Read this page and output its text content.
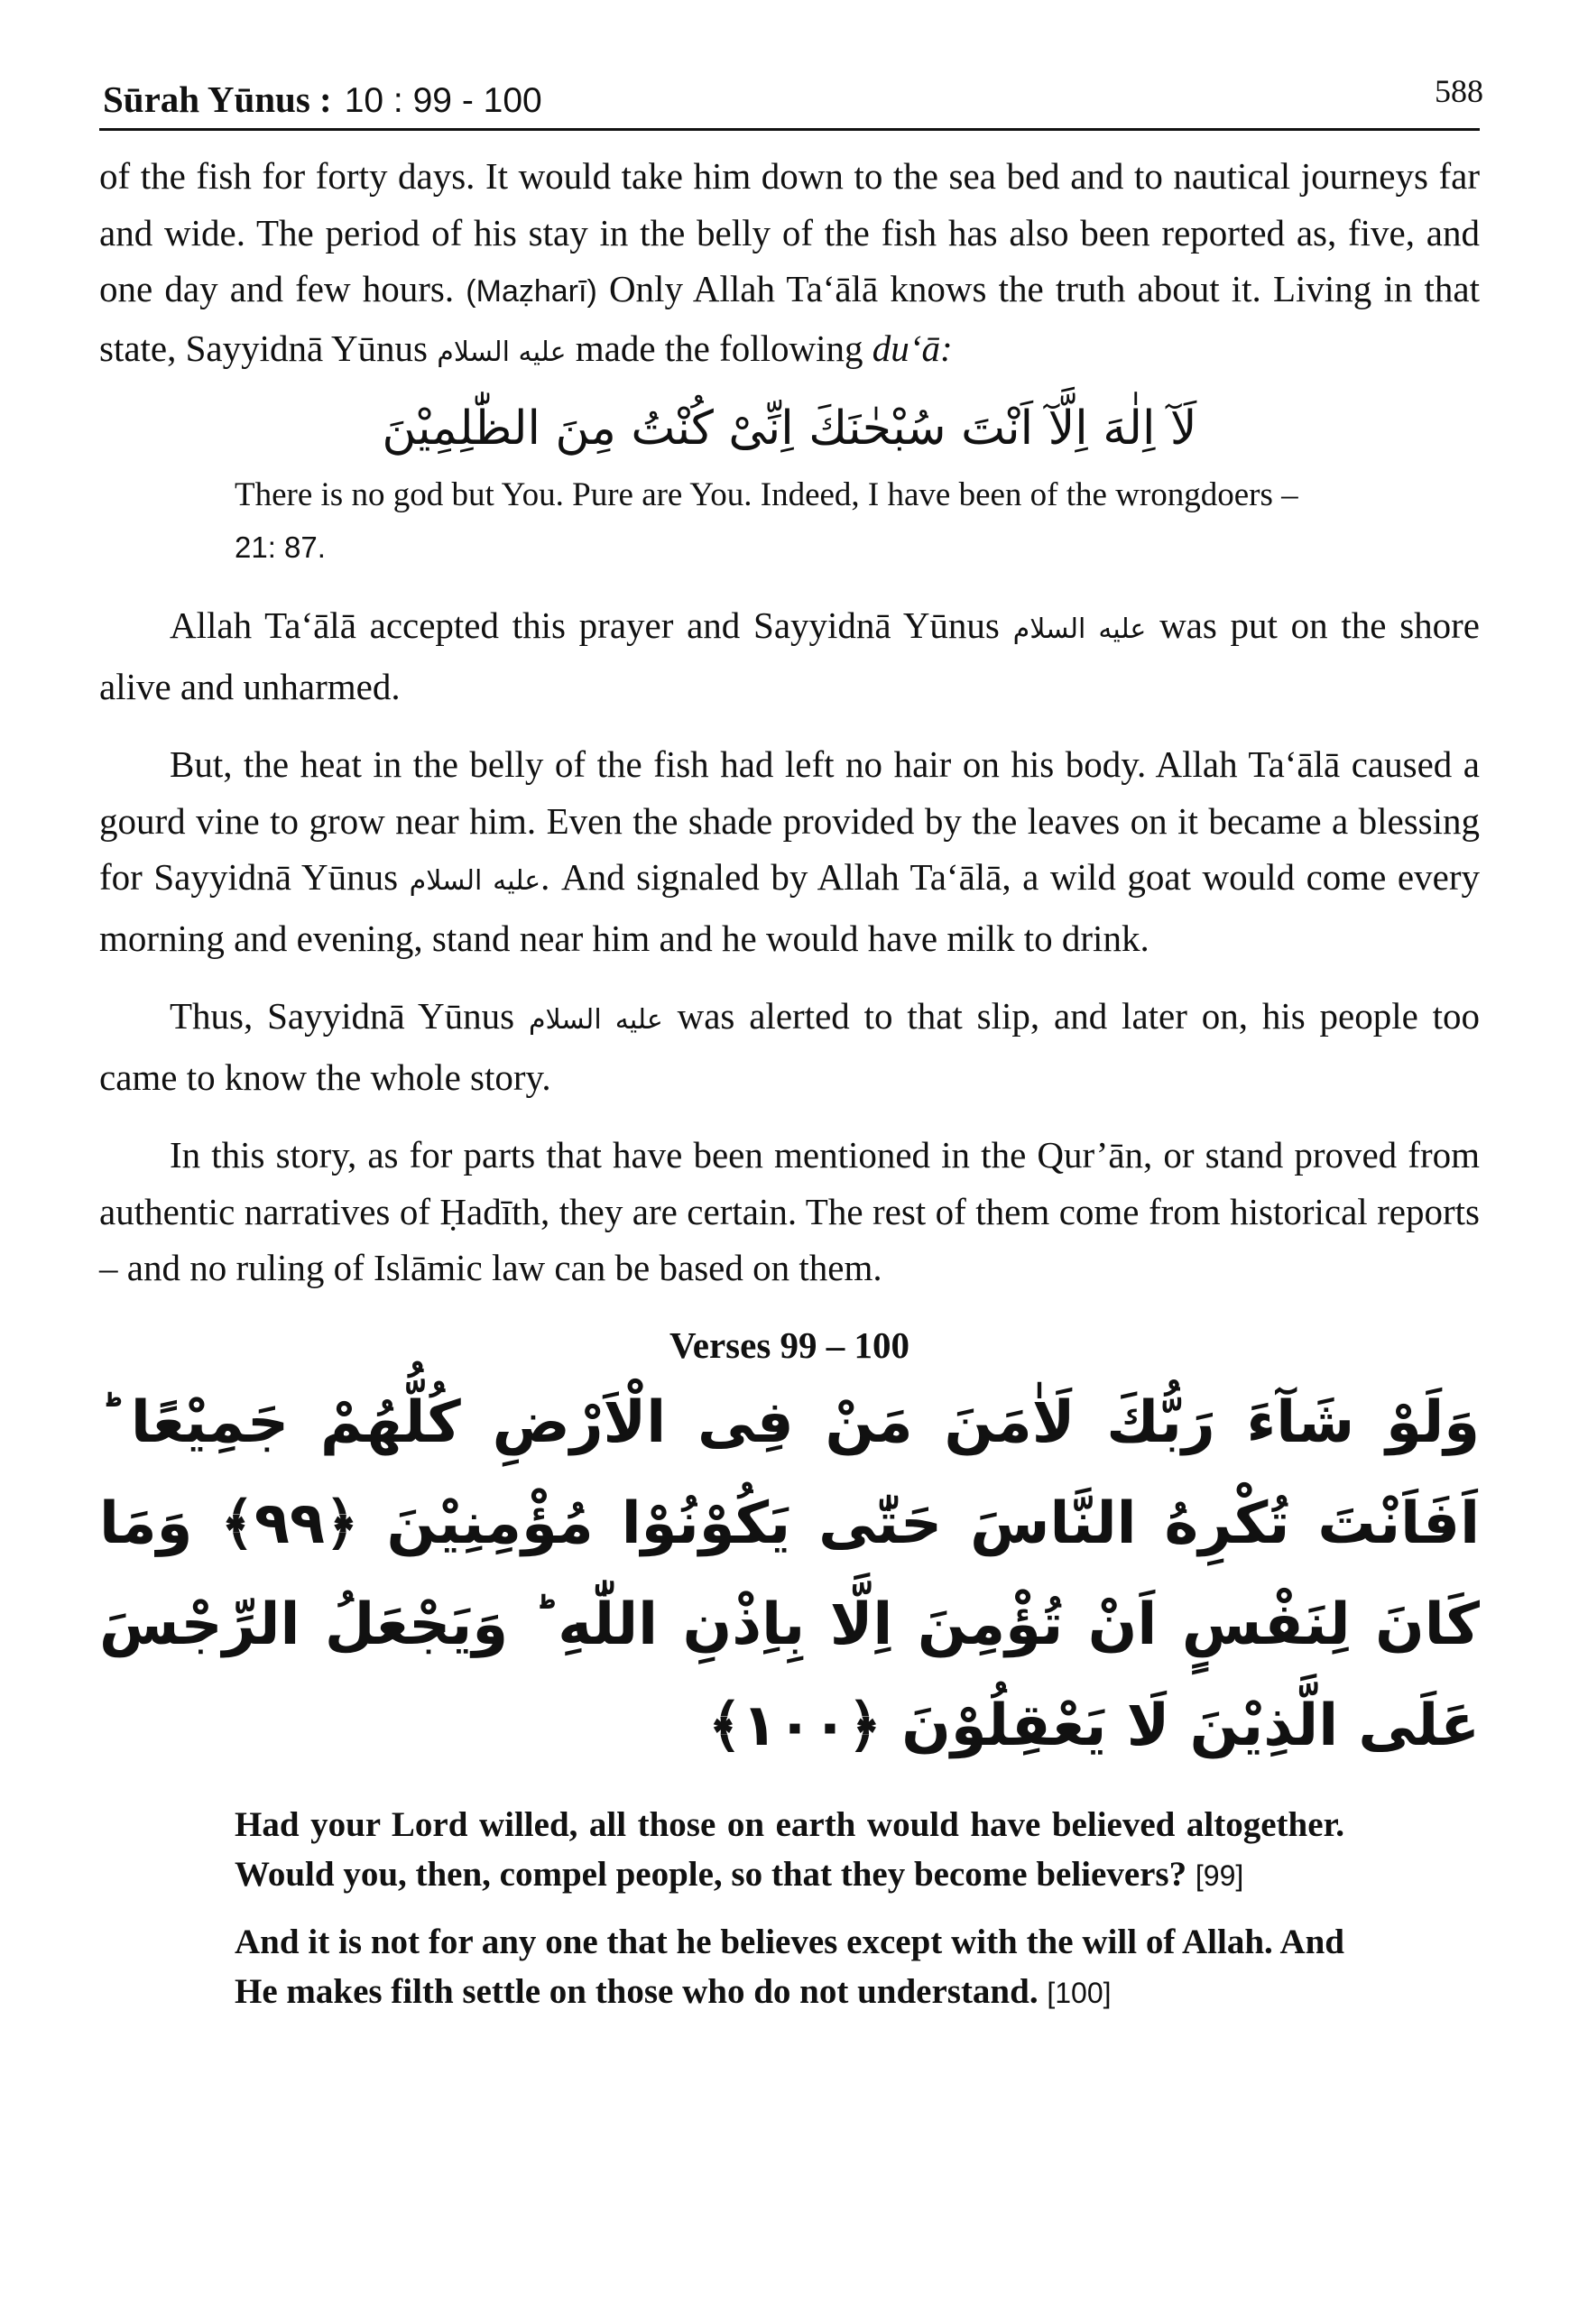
Sūrah Yūnus : 10 : 99 - 100	588

of the fish for forty days. It would take him down to the sea bed and to nautical journeys far and wide. The period of his stay in the belly of the fish has also been reported as, five, and one day and few hours. (Maẓharī) Only Allah Ta‘ālā knows the truth about it. Living in that state, Sayyidnā Yūnus عليه السلام made the following du‘ā:

لَآ اِلٰهَ اِلَّآ اَنْتَ سُبْحٰنَكَ اِنِّیْ كُنْتُ مِنَ الظّٰلِمِیْنَ

There is no god but You. Pure are You. Indeed, I have been of the wrongdoers – 21: 87.

Allah Ta‘ālā accepted this prayer and Sayyidnā Yūnus عليه السلام was put on the shore alive and unharmed.

But, the heat in the belly of the fish had left no hair on his body. Allah Ta‘ālā caused a gourd vine to grow near him. Even the shade provided by the leaves on it became a blessing for Sayyidnā Yūnus عليه السلام. And signaled by Allah Ta‘ālā, a wild goat would come every morning and evening, stand near him and he would have milk to drink.

Thus, Sayyidnā Yūnus عليه السلام was alerted to that slip, and later on, his people too came to know the whole story.

In this story, as for parts that have been mentioned in the Qur’ān, or stand proved from authentic narratives of Ḥadīth, they are certain. The rest of them come from historical reports – and no ruling of Islāmic law can be based on them.

Verses 99 – 100

وَلَوْ شَآءَ رَبُّكَ لَاٰمَنَ مَنْ فِی الْاَرْضِ كُلُّهُمْ جَمِیْعًا ؕ اَفَاَنْتَ تُكْرِهُ النَّاسَ حَتّٰی یَكُوْنُوْا مُؤْمِنِیْنَ ﴿۹۹﴾ وَمَا كَانَ لِنَفْسٍ اَنْ تُؤْمِنَ اِلَّا بِاِذْنِ اللّٰهِ ؕ وَیَجْعَلُ الرِّجْسَ عَلَی الَّذِیْنَ لَا یَعْقِلُوْنَ ﴿۱۰۰﴾

Had your Lord willed, all those on earth would have believed altogether. Would you, then, compel people, so that they become believers? [99]

And it is not for any one that he believes except with the will of Allah. And He makes filth settle on those who do not understand. [100]
